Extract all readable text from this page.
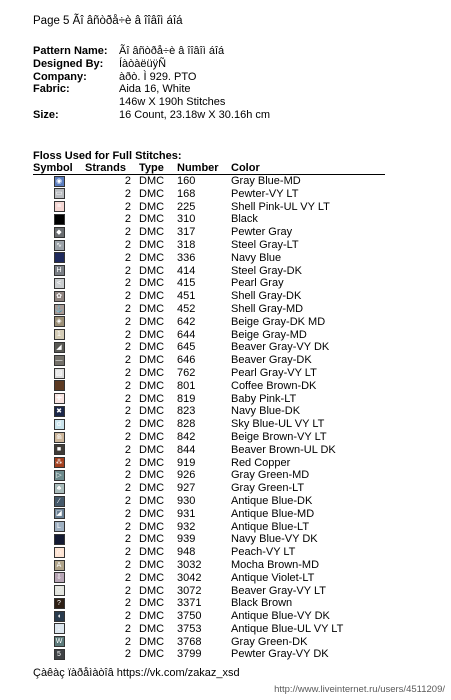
Page 5 Ãî âñòðå÷è â îîâîì áîá
Pattern Name:	Ãî âñòðå÷è â îîâîì áîá
Designed By:	ÍàòàëüÿÑ
Company:	àðò. Ì 929. PTO
Fabric:	Aida 16, White
146w X 190h Stitches
Size:	16 Count, 23.18w X 30.16h cm
Floss Used for Full Stitches:
Symbol	Strands	Type	Number	Color
◉	2	DMC	160	Gray Blue-MD
▭	2	DMC	168	Pewter-VY LT
≡	2	DMC	225	Shell Pink-UL VY LT
	2	DMC	310	Black
◆	2	DMC	317	Pewter Gray
∿	2	DMC	318	Steel Gray-LT
	2	DMC	336	Navy Blue
H	2	DMC	414	Steel Gray-DK
<	2	DMC	415	Pearl Gray
✿	2	DMC	451	Shell Gray-DK
⚓	2	DMC	452	Shell Gray-MD
◈	2	DMC	642	Beige Gray-DK MD
1	2	DMC	644	Beige Gray-MD
◢	2	DMC	645	Beaver Gray-VY DK
—	2	DMC	646	Beaver Gray-DK
▨	2	DMC	762	Pearl Gray-VY LT
	2	DMC	801	Coffee Brown-DK
✚	2	DMC	819	Baby Pink-LT
✖	2	DMC	823	Navy Blue-DK
d	2	DMC	828	Sky Blue-UL VY LT
⋒	2	DMC	842	Beige Brown-VY LT
■	2	DMC	844	Beaver Brown-UL DK
⁂	2	DMC	919	Red Copper
▷	2	DMC	926	Gray Green-MD
♣	2	DMC	927	Gray Green-LT
∕	2	DMC	930	Antique Blue-DK
◪	2	DMC	931	Antique Blue-MD
L	2	DMC	932	Antique Blue-LT
	2	DMC	939	Navy Blue-VY DK
∩	2	DMC	948	Peach-VY LT
A	2	DMC	3032	Mocha Brown-MD
⇩	2	DMC	3042	Antique Violet-LT
♡	2	DMC	3072	Beaver Gray-VY LT
?	2	DMC	3371	Black Brown
◖	2	DMC	3750	Antique Blue-VY DK
↓	2	DMC	3753	Antique Blue-UL VY LT
W	2	DMC	3768	Gray Green-DK
5	2	DMC	3799	Pewter Gray-VY DK
Çàêàç ïàðåìàòîâ https://vk.com/zakaz_xsd
http://www.liveinternet.ru/users/4511209/
